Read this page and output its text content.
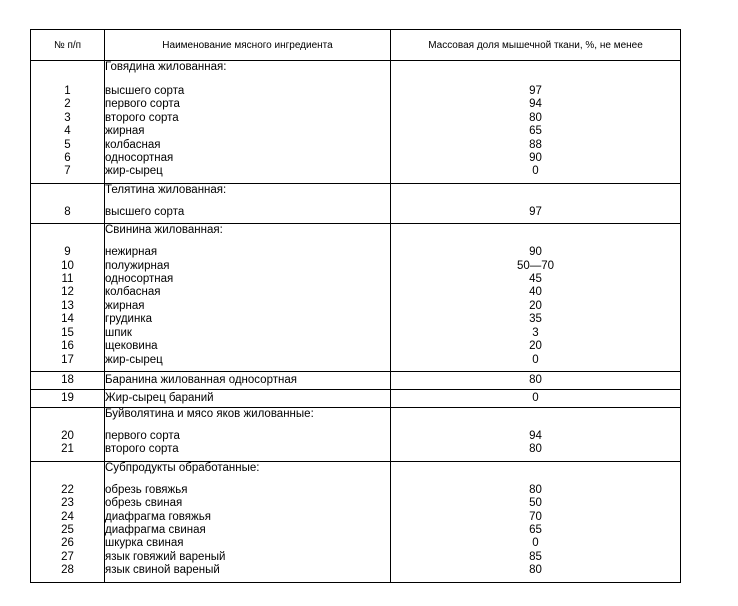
№ п/п	Наименование мясного ингредиента	Массовая доля мышечной ткани, %, не менее
	Говядина жилованная:	
1	высшего сорта	97
2	первого сорта	94
3	второго сорта	80
4	жирная	65
5	колбасная	88
6	односортная	90
7	жир-сырец	0

	Телятина жилованная:	
8	высшего сорта	97

	Свинина жилованная:	
9	нежирная	90
10	полужирная	50—70
11	односортная	45
12	колбасная	40
13	жирная	20
14	грудинка	35
15	шпик	3
16	щековина	20
17	жир-сырец	0

18	Баранина жилованная односортная	80
19	Жир-сырец бараний	0
	Буйволятина и мясо яков жилованные:	
20	первого сорта	94
21	второго сорта	80

	Субпродукты обработанные:	
22	обрезь говяжья	80
23	обрезь свиная	50
24	диафрагма говяжья	70
25	диафрагма свиная	65
26	шкурка свиная	0
27	язык говяжий вареный	85
28	язык свиной вареный	80
